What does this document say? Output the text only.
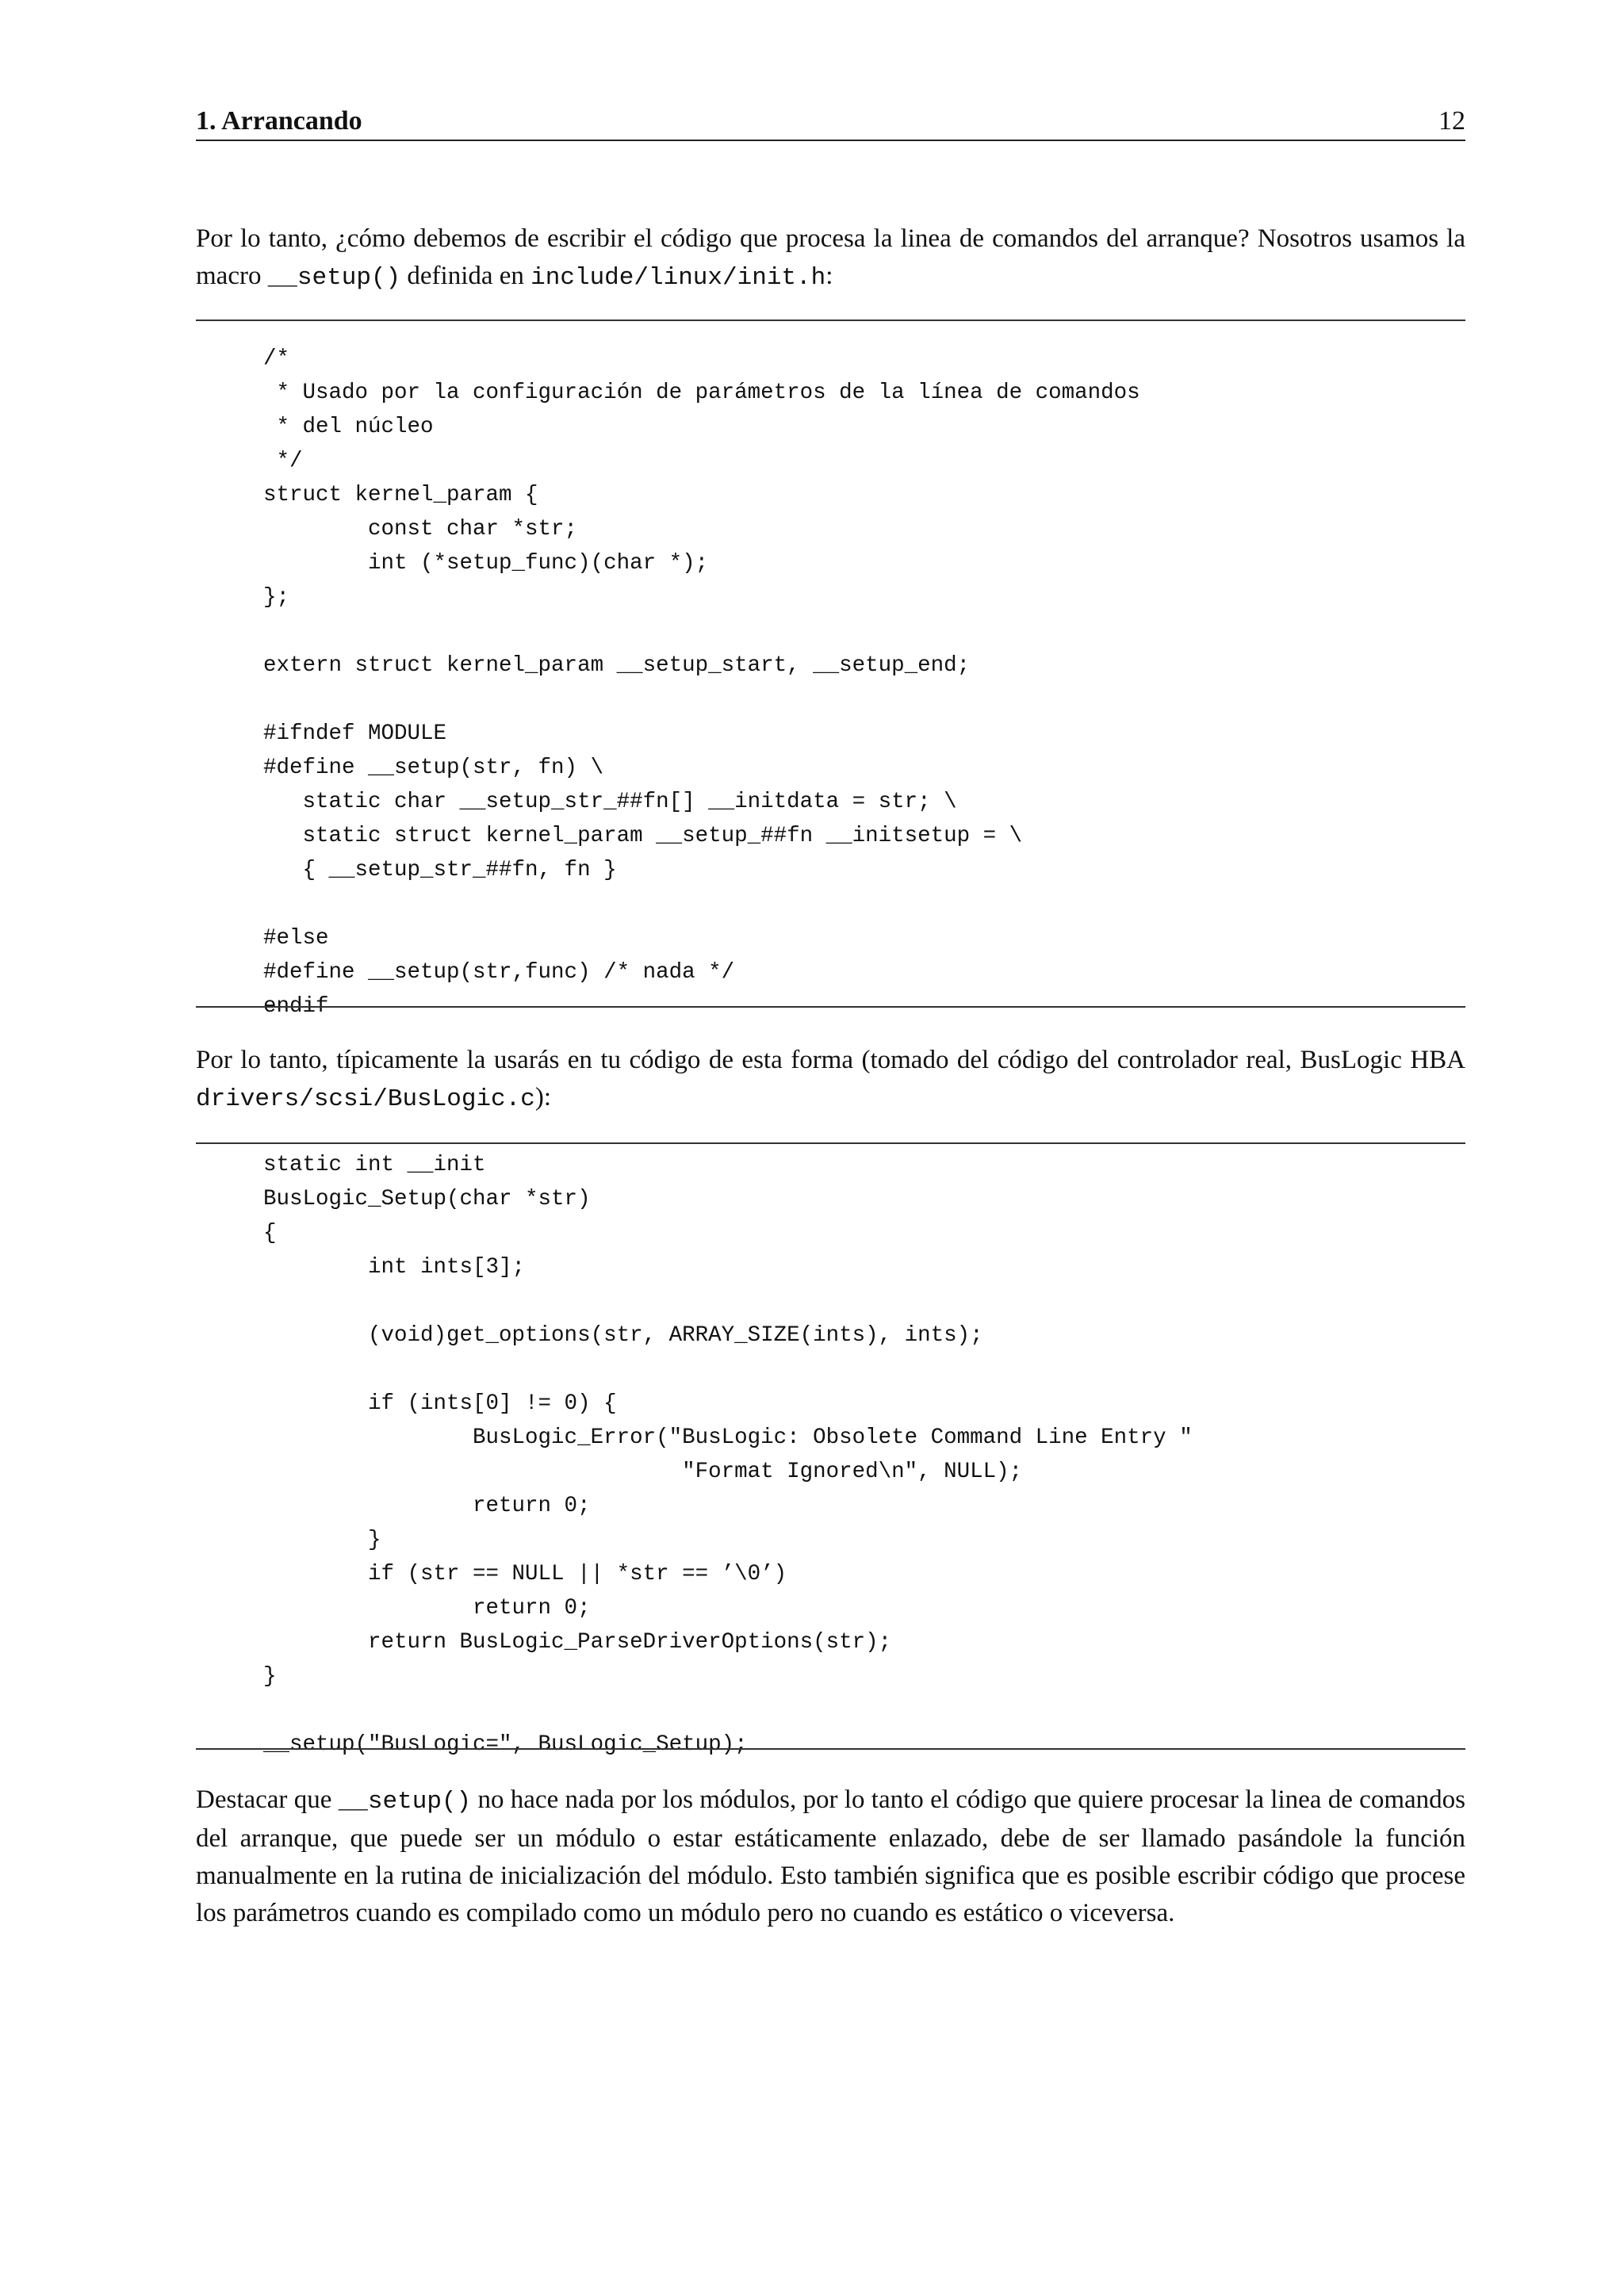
1. Arrancando	12

Por lo tanto, ¿cómo debemos de escribir el código que procesa la linea de comandos del arranque? Nosotros usamos la macro __setup() definida en include/linux/init.h:

/*
* Usado por la configuración de parámetros de la línea de comandos
* del núcleo
*/
struct kernel_param {
const char *str;
int (*setup_func)(char *);
};

extern struct kernel_param __setup_start, __setup_end;

#ifndef MODULE
#define __setup(str, fn) \
static char __setup_str_##fn[] __initdata = str; \
static struct kernel_param __setup_##fn __initsetup = \
{ __setup_str_##fn, fn }

#else
#define __setup(str,func) /* nada */
endif

Por lo tanto, típicamente la usarás en tu código de esta forma (tomado del código del controlador real, BusLogic HBA drivers/scsi/BusLogic.c):

static int __init
BusLogic_Setup(char *str)
{
int ints[3];

(void)get_options(str, ARRAY_SIZE(ints), ints);

if (ints[0] != 0) {
BusLogic_Error("BusLogic: Obsolete Command Line Entry "
"Format Ignored\n", NULL);
return 0;
}
if (str == NULL || *str == ’\0’)
return 0;
return BusLogic_ParseDriverOptions(str);
}

__setup("BusLogic=", BusLogic_Setup);

Destacar que __setup() no hace nada por los módulos, por lo tanto el código que quiere procesar la linea de comandos del arranque, que puede ser un módulo o estar estáticamente enlazado, debe de ser llamado pasándole la función manualmente en la rutina de inicialización del módulo. Esto también significa que es posible escribir código que procese los parámetros cuando es compilado como un módulo pero no cuando es estático o viceversa.
